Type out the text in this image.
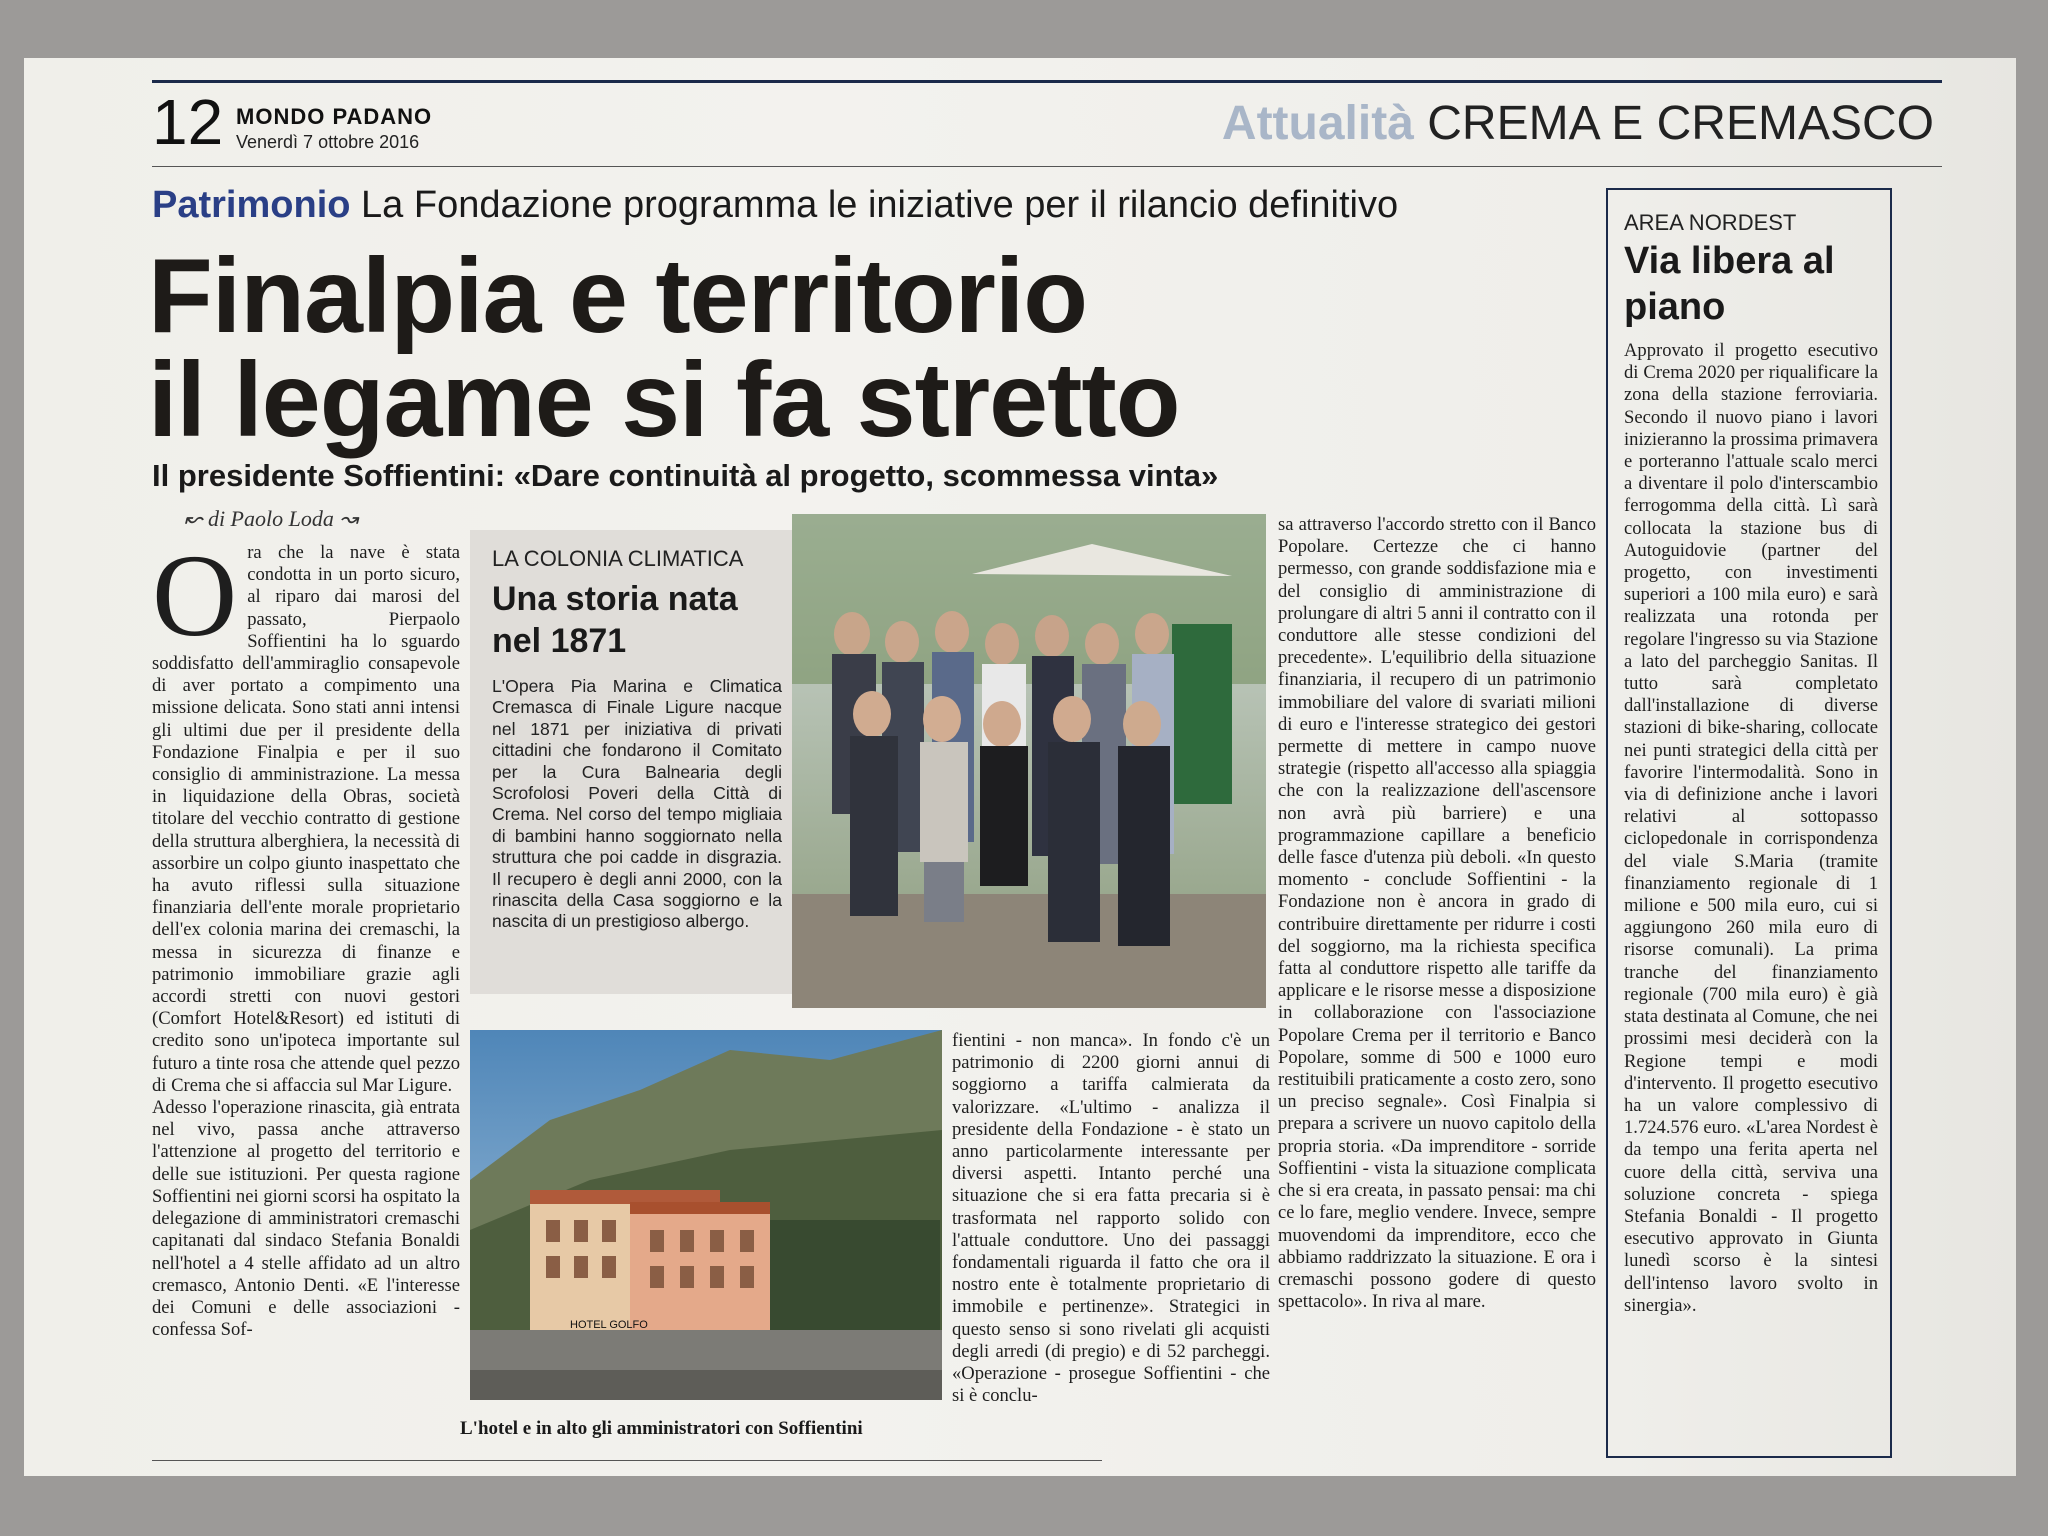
12 MONDO PADANO
Venerdì 7 ottobre 2016	Attualità CREMA E CREMASCO
Patrimonio La Fondazione programma le iniziative per il rilancio definitivo
Finalpia e territorio
il legame si fa stretto
Il presidente Soffientini: «Dare continuità al progetto, scommessa vinta»
↜ di Paolo Loda ↝

Ora che la nave è stata condotta in un porto sicuro, al riparo dai marosi del passato, Pierpaolo Soffientini ha lo sguardo soddisfatto dell'ammiraglio consapevole di aver portato a compimento una missione delicata. Sono stati anni intensi gli ultimi due per il presidente della Fondazione Finalpia e per il suo consiglio di amministrazione. La messa in liquidazione della Obras, società titolare del vecchio contratto di gestione della struttura alberghiera, la necessità di assorbire un colpo giunto inaspettato che ha avuto riflessi sulla situazione finanziaria dell'ente morale proprietario dell'ex colonia marina dei cremaschi, la messa in sicurezza di finanze e patrimonio immobiliare grazie agli accordi stretti con nuovi gestori (Comfort Hotel&Resort) ed istituti di credito sono un'ipoteca importante sul futuro a tinte rosa che attende quel pezzo di Crema che si affaccia sul Mar Ligure.

Adesso l'operazione rinascita, già entrata nel vivo, passa anche attraverso l'attenzione al progetto del territorio e delle sue istituzioni. Per questa ragione Soffientini nei giorni scorsi ha ospitato la delegazione di amministratori cremaschi capitanati dal sindaco Stefania Bonaldi nell'hotel a 4 stelle affidato ad un altro cremasco, Antonio Denti. «E l'interesse dei Comuni e delle associazioni - confessa Sof-

LA COLONIA CLIMATICA
Una storia nata nel 1871
L'Opera Pia Marina e Climatica Cremasca di Finale Ligure nacque nel 1871 per iniziativa di privati cittadini che fondarono il Comitato per la Cura Balnearia degli Scrofolosi Poveri della Città di Crema. Nel corso del tempo migliaia di bambini hanno soggiornato nella struttura che poi cadde in disgrazia. Il recupero è degli anni 2000, con la rinascita della Casa soggiorno e la nascita di un prestigioso albergo.
HOTEL GOLFO
L'hotel e in alto gli amministratori con Soffientini

fientini - non manca». In fondo c'è un patrimonio di 2200 giorni annui di soggiorno a tariffa calmierata da valorizzare. «L'ultimo - analizza il presidente della Fondazione - è stato un anno particolarmente interessante per diversi aspetti. Intanto perché una situazione che si era fatta precaria si è trasformata nel rapporto solido con l'attuale conduttore. Uno dei passaggi fondamentali riguarda il fatto che ora il nostro ente è totalmente proprietario di immobile e pertinenze». Strategici in questo senso si sono rivelati gli acquisti degli arredi (di pregio) e di 52 parcheggi. «Operazione - prosegue Soffientini - che si è conclu-

sa attraverso l'accordo stretto con il Banco Popolare. Certezze che ci hanno permesso, con grande soddisfazione mia e del consiglio di amministrazione di prolungare di altri 5 anni il contratto con il conduttore alle stesse condizioni del precedente». L'equilibrio della situazione finanziaria, il recupero di un patrimonio immobiliare del valore di svariati milioni di euro e l'interesse strategico dei gestori permette di mettere in campo nuove strategie (rispetto all'accesso alla spiaggia che con la realizzazione dell'ascensore non avrà più barriere) e una programmazione capillare a beneficio delle fasce d'utenza più deboli. «In questo momento - conclude Soffientini - la Fondazione non è ancora in grado di contribuire direttamente per ridurre i costi del soggiorno, ma la richiesta specifica fatta al conduttore rispetto alle tariffe da applicare e le risorse messe a disposizione in collaborazione con l'associazione Popolare Crema per il territorio e Banco Popolare, somme di 500 e 1000 euro restituibili praticamente a costo zero, sono un preciso segnale». Così Finalpia si prepara a scrivere un nuovo capitolo della propria storia. «Da imprenditore - sorride Soffientini - vista la situazione complicata che si era creata, in passato pensai: ma chi ce lo fare, meglio vendere. Invece, sempre muovendomi da imprenditore, ecco che abbiamo raddrizzato la situazione. E ora i cremaschi possono godere di questo spettacolo». In riva al mare.

AREA NORDEST
Via libera al piano
Approvato il progetto esecutivo di Crema 2020 per riqualificare la zona della stazione ferroviaria. Secondo il nuovo piano i lavori inizieranno la prossima primavera e porteranno l'attuale scalo merci a diventare il polo d'interscambio ferrogomma della città. Lì sarà collocata la stazione bus di Autoguidovie (partner del progetto, con investimenti superiori a 100 mila euro) e sarà realizzata una rotonda per regolare l'ingresso su via Stazione a lato del parcheggio Sanitas. Il tutto sarà completato dall'installazione di diverse stazioni di bike-sharing, collocate nei punti strategici della città per favorire l'intermodalità. Sono in via di definizione anche i lavori relativi al sottopasso ciclopedonale in corrispondenza del viale S.Maria (tramite finanziamento regionale di 1 milione e 500 mila euro, cui si aggiungono 260 mila euro di risorse comunali). La prima tranche del finanziamento regionale (700 mila euro) è già stata destinata al Comune, che nei prossimi mesi deciderà con la Regione tempi e modi d'intervento. Il progetto esecutivo ha un valore complessivo di 1.724.576 euro. «L'area Nordest è da tempo una ferita aperta nel cuore della città, serviva una soluzione concreta - spiega Stefania Bonaldi - Il progetto esecutivo approvato in Giunta lunedì scorso è la sintesi dell'intenso lavoro svolto in sinergia».
